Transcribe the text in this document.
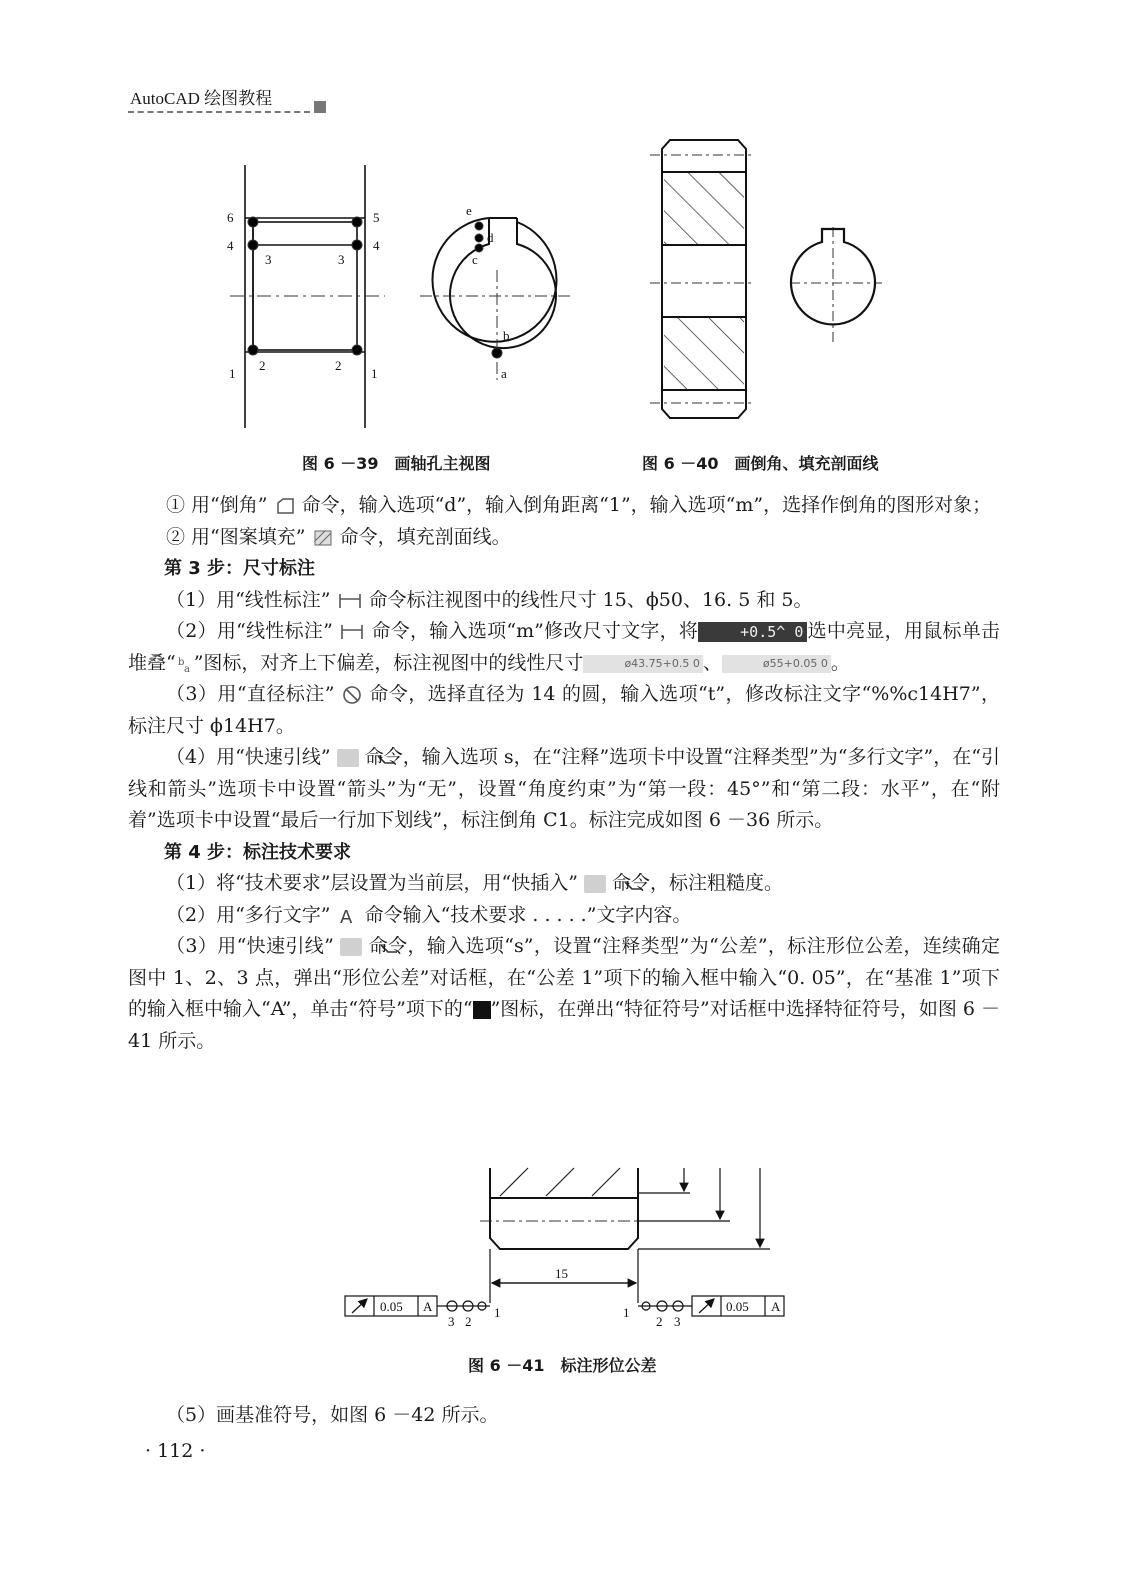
AutoCAD 绘图教程
6
4
3	3
5
4
2	2
1	1
e
d
c
b
a
图 6 －39　画轴孔主视图	图 6 －40　画倒角、填充剖面线

① 用“倒角” 命令，输入选项“d”，输入倒角距离“1”，输入选项“m”，选择作倒角的图形对象；

② 用“图案填充” 命令，填充剖面线。

第 3 步：尺寸标注

（1）用“线性标注” 命令标注视图中的线性尺寸 15、ϕ50、16. 5 和 5。

（2）用“线性标注” 命令，输入选项“m”修改尺寸文字，将	+0.5^ 0 选中亮显，用鼠标单击堆叠“ b
a ”图标，对齐上下偏差，标注视图中的线性尺寸	ø43.75+0.5 0 、	ø55+0.05 0 。

（3）用“直径标注” 命令，选择直径为 14 的圆，输入选项“t”，修改标注文字“%%c14H7”，标注尺寸 ϕ14H7。

（4）用“快速引线” 命令，输入选项 s，在“注释”选项卡中设置“注释类型”为“多行文字”，在“引线和箭头”选项卡中设置“箭头”为“无”，设置“角度约束”为“第一段：45°”和“第二段：水平”，在“附着”选项卡中设置“最后一行加下划线”，标注倒角 C1。标注完成如图 6 －36 所示。

第 4 步：标注技术要求

（1）将“技术要求”层设置为当前层，用“快插入” 命令，标注粗糙度。

（2）用“多行文字” A 命令输入“技术要求 . . . . .”文字内容。

（3）用“快速引线” 命令，输入选项“s”，设置“注释类型”为“公差”，标注形位公差，连续确定图中 1、2、3 点，弹出“形位公差”对话框，在“公差 1”项下的输入框中输入“0. 05”，在“基准 1”项下的输入框中输入“A”，单击“符号”项下的“ ”图标，在弹出“特征符号”对话框中选择特征符号，如图 6 －41 所示。

15
0.05 A
3 2
1	0.05 A
1
2 3
图 6 －41　标注形位公差

（5）画基准符号，如图 6 －42 所示。

· 112 ·
